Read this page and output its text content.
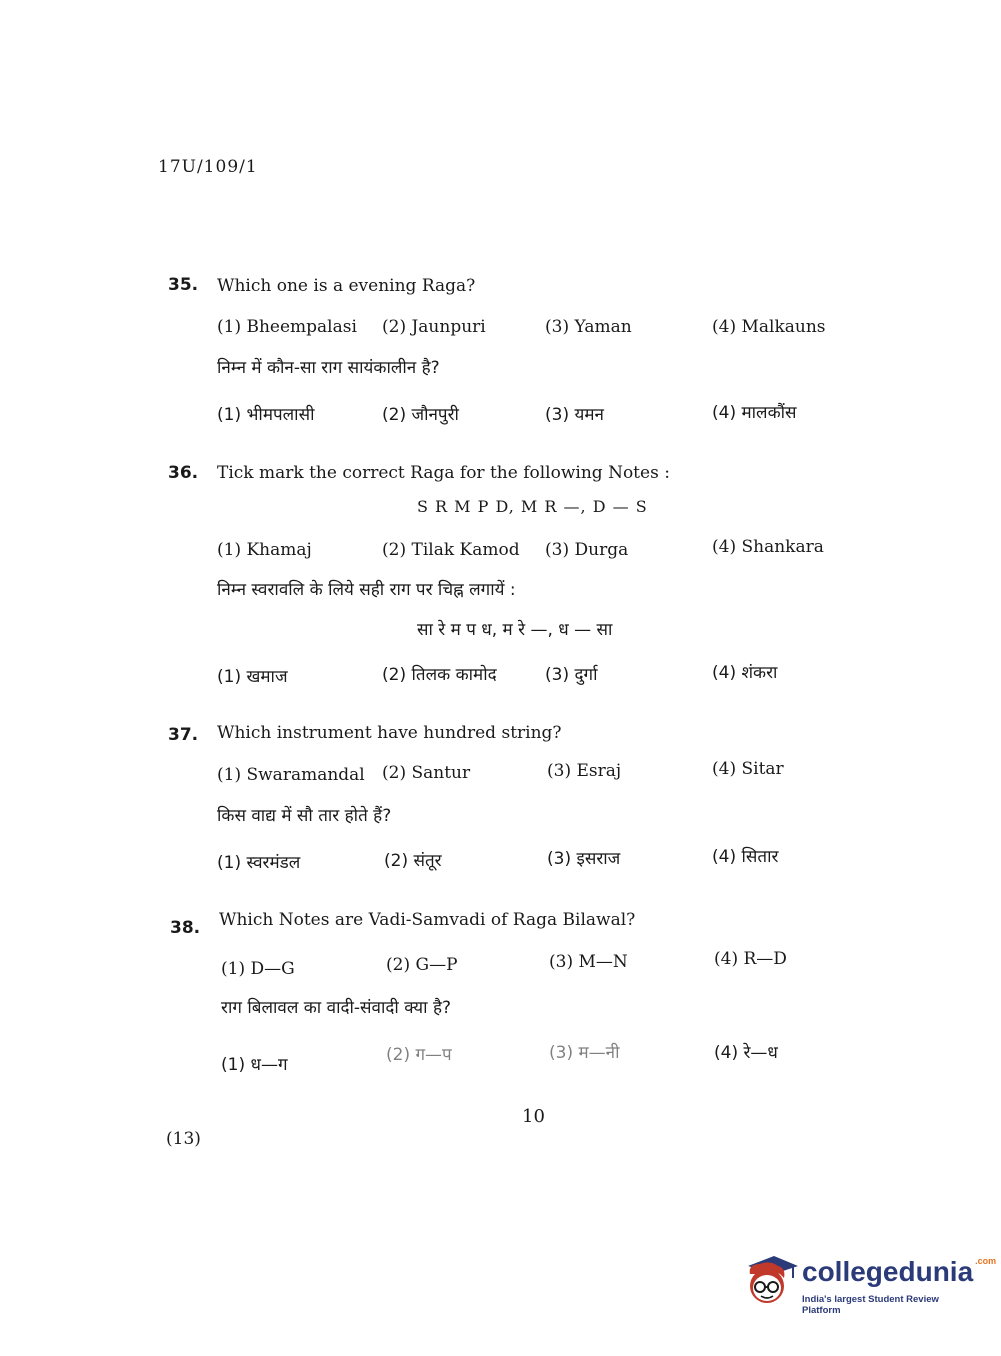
17U/109/1
35. Which one is a evening Raga?
(1) Bheempalasi (2) Jaunpuri	(3) Yaman	(4) Malkauns
निम्न में कौन-सा राग सायंकालीन है?
(1) भीमपलासी	(2) जौनपुरी	(3) यमन	(4) मालकौंस
36. Tick mark the correct Raga for the following Notes :
S R M P D, M R —, D — S
(1) Khamaj	(2) Tilak Kamod (3) Durga	(4) Shankara
निम्न स्वरावलि के लिये सही राग पर चिह्न लगायें :
सा रे म प ध, म रे —, ध — सा
(1) खमाज	(2) तिलक कामोद	(3) दुर्गा	(4) शंकरा
37. Which instrument have hundred string?
(1) Swaramandal (2) Santur	(3) Esraj	(4) Sitar
किस वाद्य में सौ तार होते हैं?
(1) स्वरमंडल	(2) संतूर	(3) इसराज	(4) सितार
38. Which Notes are Vadi-Samvadi of Raga Bilawal?
(1) D—G	(2) G—P	(3) M—N	(4) R—D
राग बिलावल का वादी-संवादी क्या है?
(1) ध—ग	(2) ग—प	(3) म—नी	(4) रे—ध
10
(13)
collegedunia $^{.com}$
India's largest Student Review Platform
